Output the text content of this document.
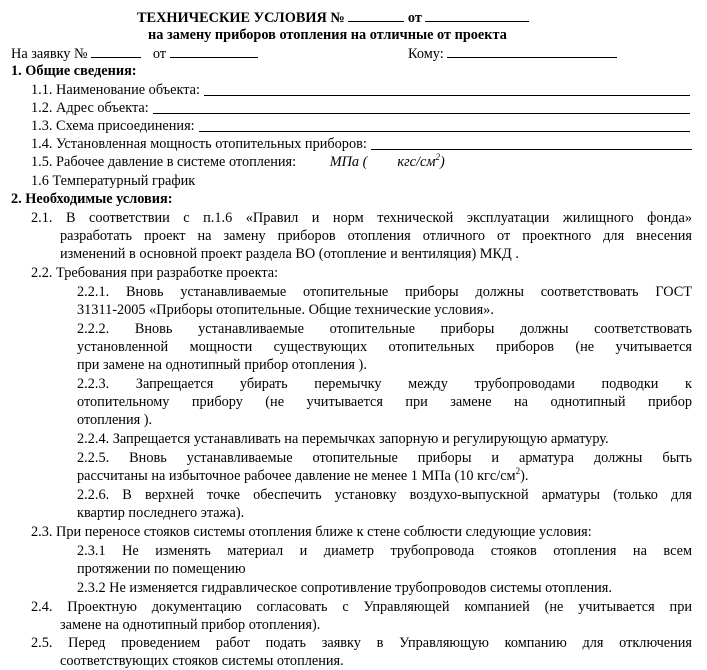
ТЕХНИЧЕСКИЕ УСЛОВИЯ №	от
на замену приборов отопления на отличные от проекта
На заявку №	от	Кому:
1. Общие сведения:
1.1.
Наименование объекта:
1.2.
Адрес объекта:
1.3.
Схема присоединения:
1.4.
Установленная мощность отопительных приборов:
1.5. Рабочее давление в системе отопления: МПа ( кгс/$см^2$)
1.6 Температурный график
2. Необходимые условия:
2.1. В соответствии с п.1.6 «Правил и норм технической эксплуатации жилищного фонда»
разработать проект на замену приборов отопления отличного от проектного для внесения
изменений в основной проект раздела ВО (отопление и вентиляция) МКД .
2.2. Требования при разработке проекта:
2.2.1. Вновь устанавливаемые отопительные приборы должны соответствовать ГОСТ
31311-2005 «Приборы отопительные. Общие технические условия».
2.2.2. Вновь устанавливаемые отопительные приборы должны соответствовать
установленной мощности существующих отопительных приборов (не учитывается
при замене на однотипный прибор отопления ).
2.2.3. Запрещается убирать перемычку между трубопроводами подводки к
отопительному прибору (не учитывается при замене на однотипный прибор
отопления ).
2.2.4. Запрещается устанавливать на перемычках запорную и регулирующую арматуру.
2.2.5. Вновь устанавливаемые отопительные приборы и арматура должны быть
рассчитаны на избыточное рабочее давление не менее 1 МПа (10 кгс/$см^2$).
2.2.6. В верхней точке обеспечить установку воздухо-выпускной арматуры (только для
квартир последнего этажа).
2.3. При переносе стояков системы отопления ближе к стене соблюсти следующие условия:
2.3.1 Не изменять материал и диаметр трубопровода стояков отопления на всем
протяжении по помещению
2.3.2 Не изменяется гидравлическое сопротивление трубопроводов системы отопления.
2.4. Проектную документацию согласовать с Управляющей компанией (не учитывается при
замене на однотипный прибор отопления).
2.5. Перед проведением работ подать заявку в Управляющую компанию для отключения
соответствующих стояков системы отопления.
